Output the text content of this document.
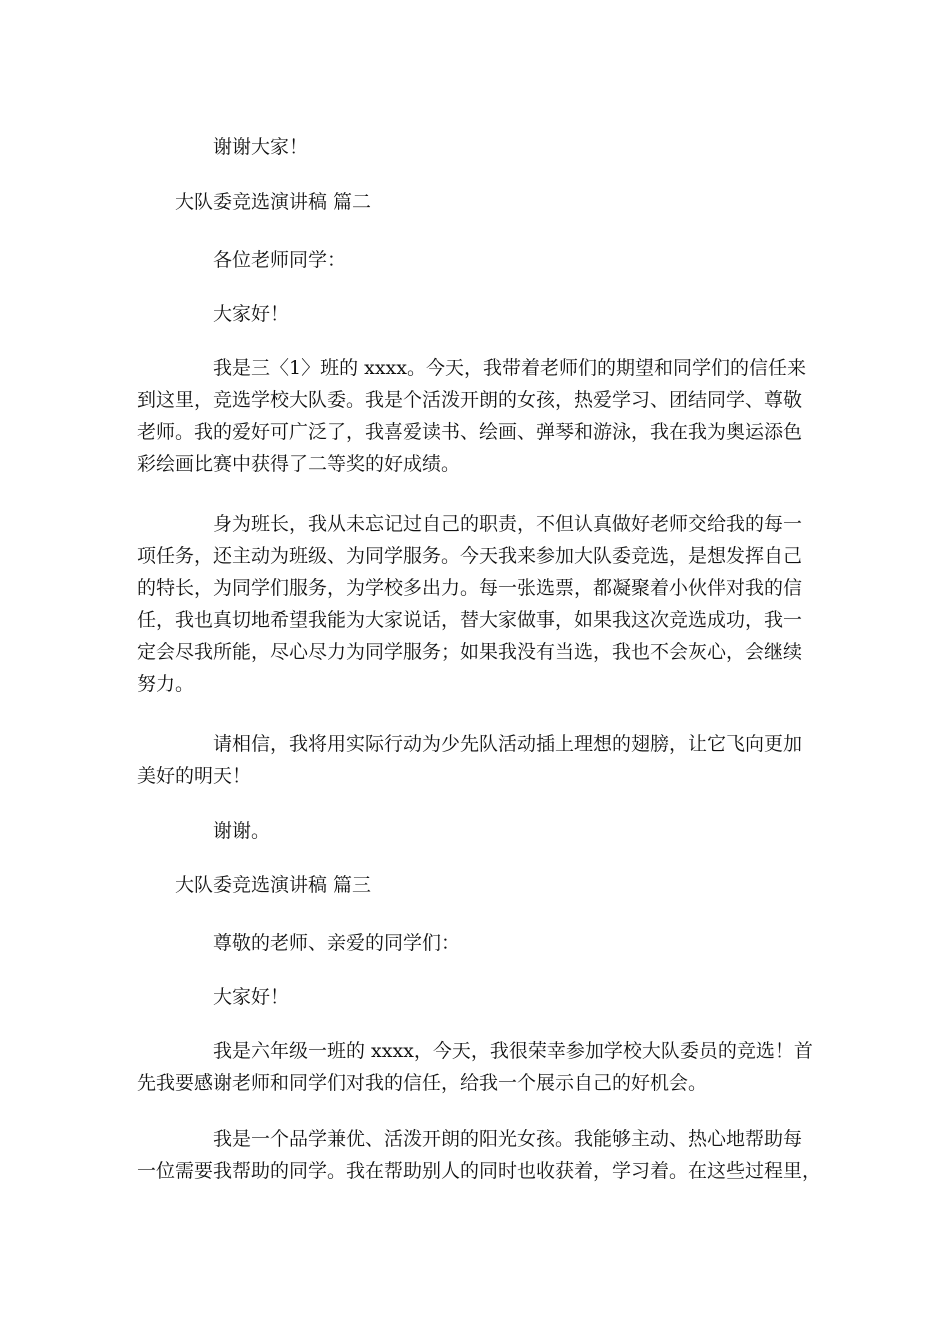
谢谢大家！

大队委竞选演讲稿 篇二

各位老师同学：

大家好！

我是三〈1〉班的 xxxx。今天，我带着老师们的期望和同学们的信任来
到这里，竞选学校大队委。我是个活泼开朗的女孩，热爱学习、团结同学、尊敬
老师。我的爱好可广泛了，我喜爱读书、绘画、弹琴和游泳，我在我为奥运添色
彩绘画比赛中获得了二等奖的好成绩。

身为班长，我从未忘记过自己的职责，不但认真做好老师交给我的每一
项任务，还主动为班级、为同学服务。今天我来参加大队委竞选，是想发挥自己
的特长，为同学们服务，为学校多出力。每一张选票，都凝聚着小伙伴对我的信
任，我也真切地希望我能为大家说话，替大家做事，如果我这次竞选成功，我一
定会尽我所能，尽心尽力为同学服务；如果我没有当选，我也不会灰心，会继续
努力。

请相信，我将用实际行动为少先队活动插上理想的翅膀，让它飞向更加
美好的明天！

谢谢。

大队委竞选演讲稿 篇三

尊敬的老师、亲爱的同学们：

大家好！

我是六年级一班的 xxxx，今天，我很荣幸参加学校大队委员的竞选！首
先我要感谢老师和同学们对我的信任，给我一个展示自己的好机会。

我是一个品学兼优、活泼开朗的阳光女孩。我能够主动、热心地帮助每
一位需要我帮助的同学。我在帮助别人的同时也收获着，学习着。在这些过程里，
